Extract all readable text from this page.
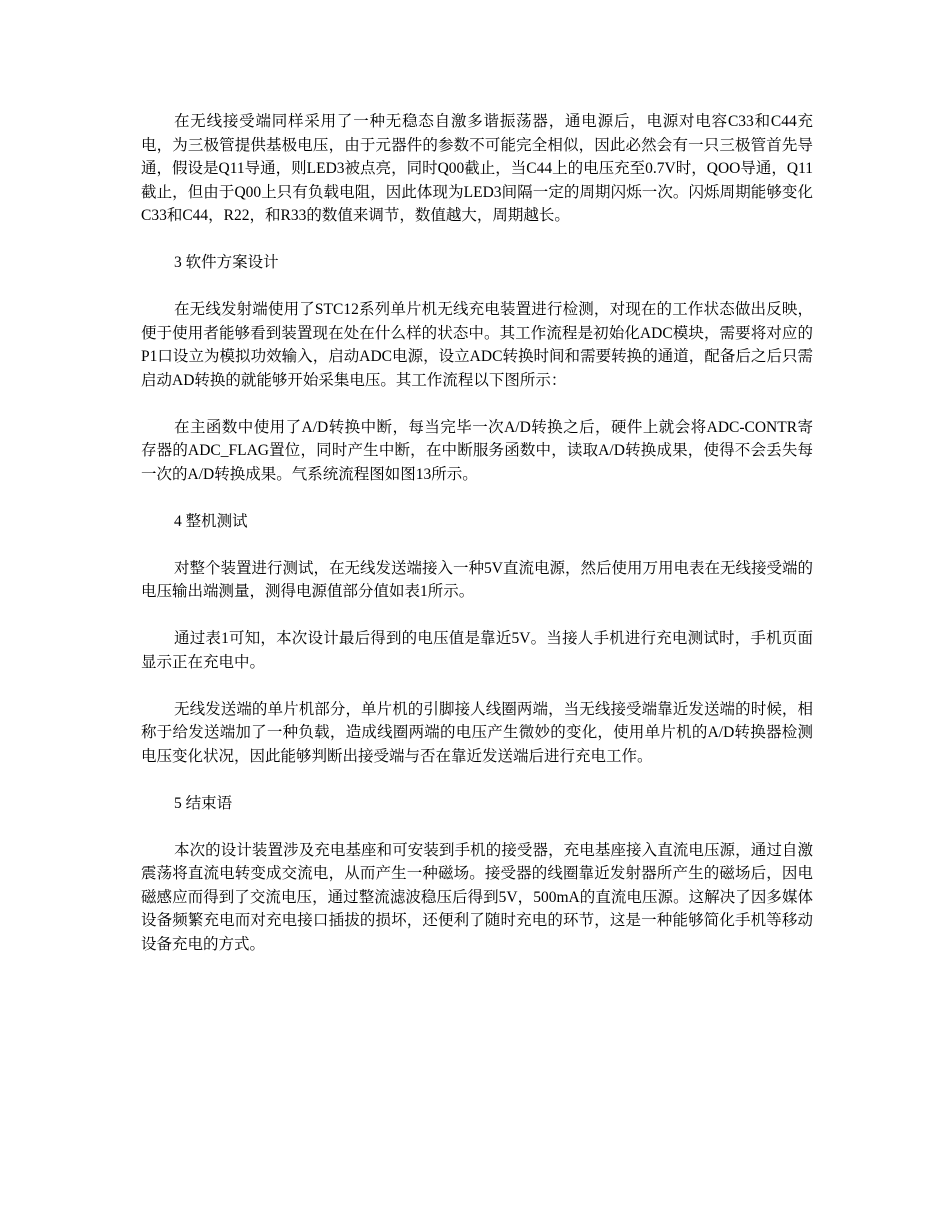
在无线接受端同样采用了一种无稳态自激多谐振荡器，通电源后，电源对电容C33和C44充电，为三极管提供基极电压，由于元器件的参数不可能完全相似，因此必然会有一只三极管首先导通，假设是Q11导通，则LED3被点亮，同时Q00截止，当C44上的电压充至0.7V时，QOO导通，Q11截止，但由于Q00上只有负载电阻，因此体现为LED3间隔一定的周期闪烁一次。闪烁周期能够变化C33和C44，R22，和R33的数值来调节，数值越大，周期越长。

3 软件方案设计

在无线发射端使用了STC12系列单片机无线充电装置进行检测，对现在的工作状态做出反映，便于使用者能够看到装置现在处在什么样的状态中。其工作流程是初始化ADC模块，需要将对应的P1口设立为模拟功效输入，启动ADC电源，设立ADC转换时间和需要转换的通道，配备后之后只需启动AD转换的就能够开始采集电压。其工作流程以下图所示：

在主函数中使用了A/D转换中断，每当完毕一次A/D转换之后，硬件上就会将ADC-CONTR寄存器的ADC_FLAG置位，同时产生中断，在中断服务函数中，读取A/D转换成果，使得不会丢失每一次的A/D转换成果。气系统流程图如图13所示。

4 整机测试

对整个装置进行测试，在无线发送端接入一种5V直流电源，然后使用万用电表在无线接受端的电压输出端测量，测得电源值部分值如表1所示。

通过表1可知，本次设计最后得到的电压值是靠近5V。当接人手机进行充电测试时，手机页面显示正在充电中。

无线发送端的单片机部分，单片机的引脚接人线圈两端，当无线接受端靠近发送端的时候，相称于给发送端加了一种负载，造成线圈两端的电压产生微妙的变化，使用单片机的A/D转换器检测电压变化状况，因此能够判断出接受端与否在靠近发送端后进行充电工作。

5 结束语

本次的设计装置涉及充电基座和可安装到手机的接受器，充电基座接入直流电压源，通过自激震荡将直流电转变成交流电，从而产生一种磁场。接受器的线圈靠近发射器所产生的磁场后，因电磁感应而得到了交流电压，通过整流滤波稳压后得到5V，500mA的直流电压源。这解决了因多媒体设备频繁充电而对充电接口插拔的损坏，还便利了随时充电的环节，这是一种能够简化手机等移动设备充电的方式。
